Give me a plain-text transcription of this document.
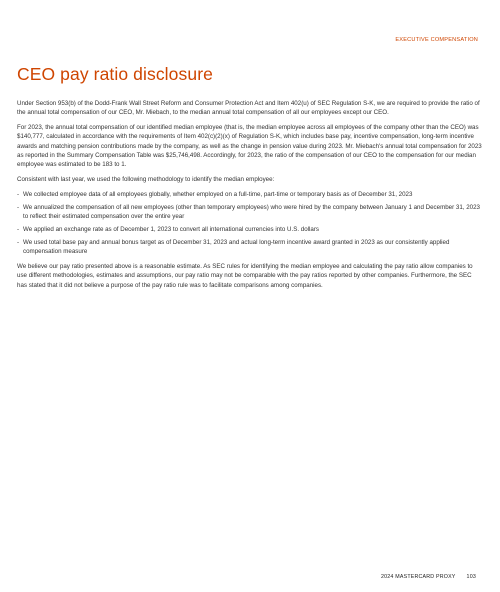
EXECUTIVE COMPENSATION
CEO pay ratio disclosure

Under Section 953(b) of the Dodd-Frank Wall Street Reform and Consumer Protection Act and Item 402(u) of SEC Regulation S-K, we are required to provide the ratio of the annual total compensation of our CEO, Mr. Miebach, to the median annual total compensation of all our employees except our CEO.

For 2023, the annual total compensation of our identified median employee (that is, the median employee across all employees of the company other than the CEO) was $140,777, calculated in accordance with the requirements of Item 402(c)(2)(x) of Regulation S-K, which includes base pay, incentive compensation, long-term incentive awards and matching pension contributions made by the company, as well as the change in pension value during 2023. Mr. Miebach's annual total compensation for 2023 as reported in the Summary Compensation Table was $25,746,498. Accordingly, for 2023, the ratio of the compensation of our CEO to the compensation for our median employee was estimated to be 183 to 1.

Consistent with last year, we used the following methodology to identify the median employee:

- We collected employee data of all employees globally, whether employed on a full-time, part-time or temporary basis as of December 31, 2023
- We annualized the compensation of all new employees (other than temporary employees) who were hired by the company between January 1 and December 31, 2023 to reflect their estimated compensation over the entire year
- We applied an exchange rate as of December 1, 2023 to convert all international currencies into U.S. dollars
- We used total base pay and annual bonus target as of December 31, 2023 and actual long-term incentive award granted in 2023 as our consistently applied compensation measure

We believe our pay ratio presented above is a reasonable estimate. As SEC rules for identifying the median employee and calculating the pay ratio allow companies to use different methodologies, estimates and assumptions, our pay ratio may not be comparable with the pay ratios reported by other companies. Furthermore, the SEC has stated that it did not believe a purpose of the pay ratio rule was to facilitate comparisons among companies.

2024 MASTERCARD PROXY 103
